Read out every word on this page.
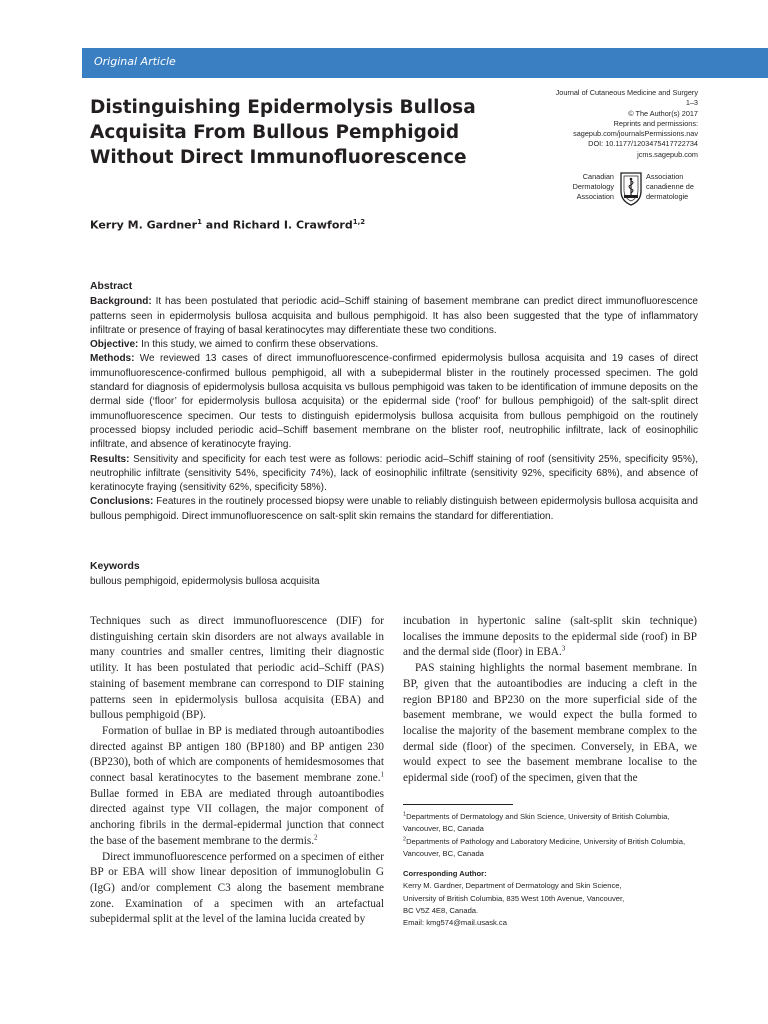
Original Article
Distinguishing Epidermolysis Bullosa
Acquisita From Bullous Pemphigoid
Without Direct Immunofluorescence
Journal of Cutaneous Medicine and Surgery
1–3
© The Author(s) 2017
Reprints and permissions:
sagepub.com/journalsPermissions.nav
DOI: 10.1177/1203475417722734
jcms.sagepub.com
Canadian
Dermatology
Association
Association
canadienne de
dermatologie
Kerry M. Gardner$^1$ and Richard I. Crawford$^{1,2}$
Abstract

Background: It has been postulated that periodic acid–Schiff staining of basement membrane can predict direct immunofluorescence patterns seen in epidermolysis bullosa acquisita and bullous pemphigoid. It has also been suggested that the type of inflammatory infiltrate or presence of fraying of basal keratinocytes may differentiate these two conditions.

Objective: In this study, we aimed to confirm these observations.

Methods: We reviewed 13 cases of direct immunofluorescence-confirmed epidermolysis bullosa acquisita and 19 cases of direct immunofluorescence-confirmed bullous pemphigoid, all with a subepidermal blister in the routinely processed specimen. The gold standard for diagnosis of epidermolysis bullosa acquisita vs bullous pemphigoid was taken to be identification of immune deposits on the dermal side (‘floor’ for epidermolysis bullosa acquisita) or the epidermal side (‘roof’ for bullous pemphigoid) of the salt-split direct immunofluorescence specimen. Our tests to distinguish epidermolysis bullosa acquisita from bullous pemphigoid on the routinely processed biopsy included periodic acid–Schiff basement membrane on the blister roof, neutrophilic infiltrate, lack of eosinophilic infiltrate, and absence of keratinocyte fraying.

Results: Sensitivity and specificity for each test were as follows: periodic acid–Schiff staining of roof (sensitivity 25%, specificity 95%), neutrophilic infiltrate (sensitivity 54%, specificity 74%), lack of eosinophilic infiltrate (sensitivity 92%, specificity 68%), and absence of keratinocyte fraying (sensitivity 62%, specificity 58%).

Conclusions: Features in the routinely processed biopsy were unable to reliably distinguish between epidermolysis bullosa acquisita and bullous pemphigoid. Direct immunofluorescence on salt-split skin remains the standard for differentiation.

Keywords
bullous pemphigoid, epidermolysis bullosa acquisita

Techniques such as direct immunofluorescence (DIF) for distinguishing certain skin disorders are not always available in many countries and smaller centres, limiting their diagnostic utility. It has been postulated that periodic acid–Schiff (PAS) staining of basement membrane can correspond to DIF staining patterns seen in epidermolysis bullosa acquisita (EBA) and bullous pemphigoid (BP).

Formation of bullae in BP is mediated through autoantibodies directed against BP antigen 180 (BP180) and BP antigen 230 (BP230), both of which are components of hemidesmosomes that connect basal keratinocytes to the basement membrane zone.$^1$ Bullae formed in EBA are mediated through autoantibodies directed against type VII collagen, the major component of anchoring fibrils in the dermal-epidermal junction that connect the base of the basement membrane to the dermis.$^2$

Direct immunofluorescence performed on a specimen of either BP or EBA will show linear deposition of immunoglobulin G (IgG) and/or complement C3 along the basement membrane zone. Examination of a specimen with an artefactual subepidermal split at the level of the lamina lucida created by

incubation in hypertonic saline (salt-split skin technique) localises the immune deposits to the epidermal side (roof) in BP and the dermal side (floor) in EBA.$^3$

PAS staining highlights the normal basement membrane. In BP, given that the autoantibodies are inducing a cleft in the region BP180 and BP230 on the more superficial side of the basement membrane, we would expect the bulla formed to localise the majority of the basement membrane complex to the dermal side (floor) of the specimen. Conversely, in EBA, we would expect to see the basement membrane localise to the epidermal side (roof) of the specimen, given that the

$^1$Departments of Dermatology and Skin Science, University of British Columbia, Vancouver, BC, Canada
$^2$Departments of Pathology and Laboratory Medicine, University of British Columbia, Vancouver, BC, Canada
Corresponding Author:
Kerry M. Gardner, Department of Dermatology and Skin Science,
University of British Columbia, 835 West 10th Avenue, Vancouver,
BC V5Z 4E8, Canada.
Email: kmg574@mail.usask.ca
